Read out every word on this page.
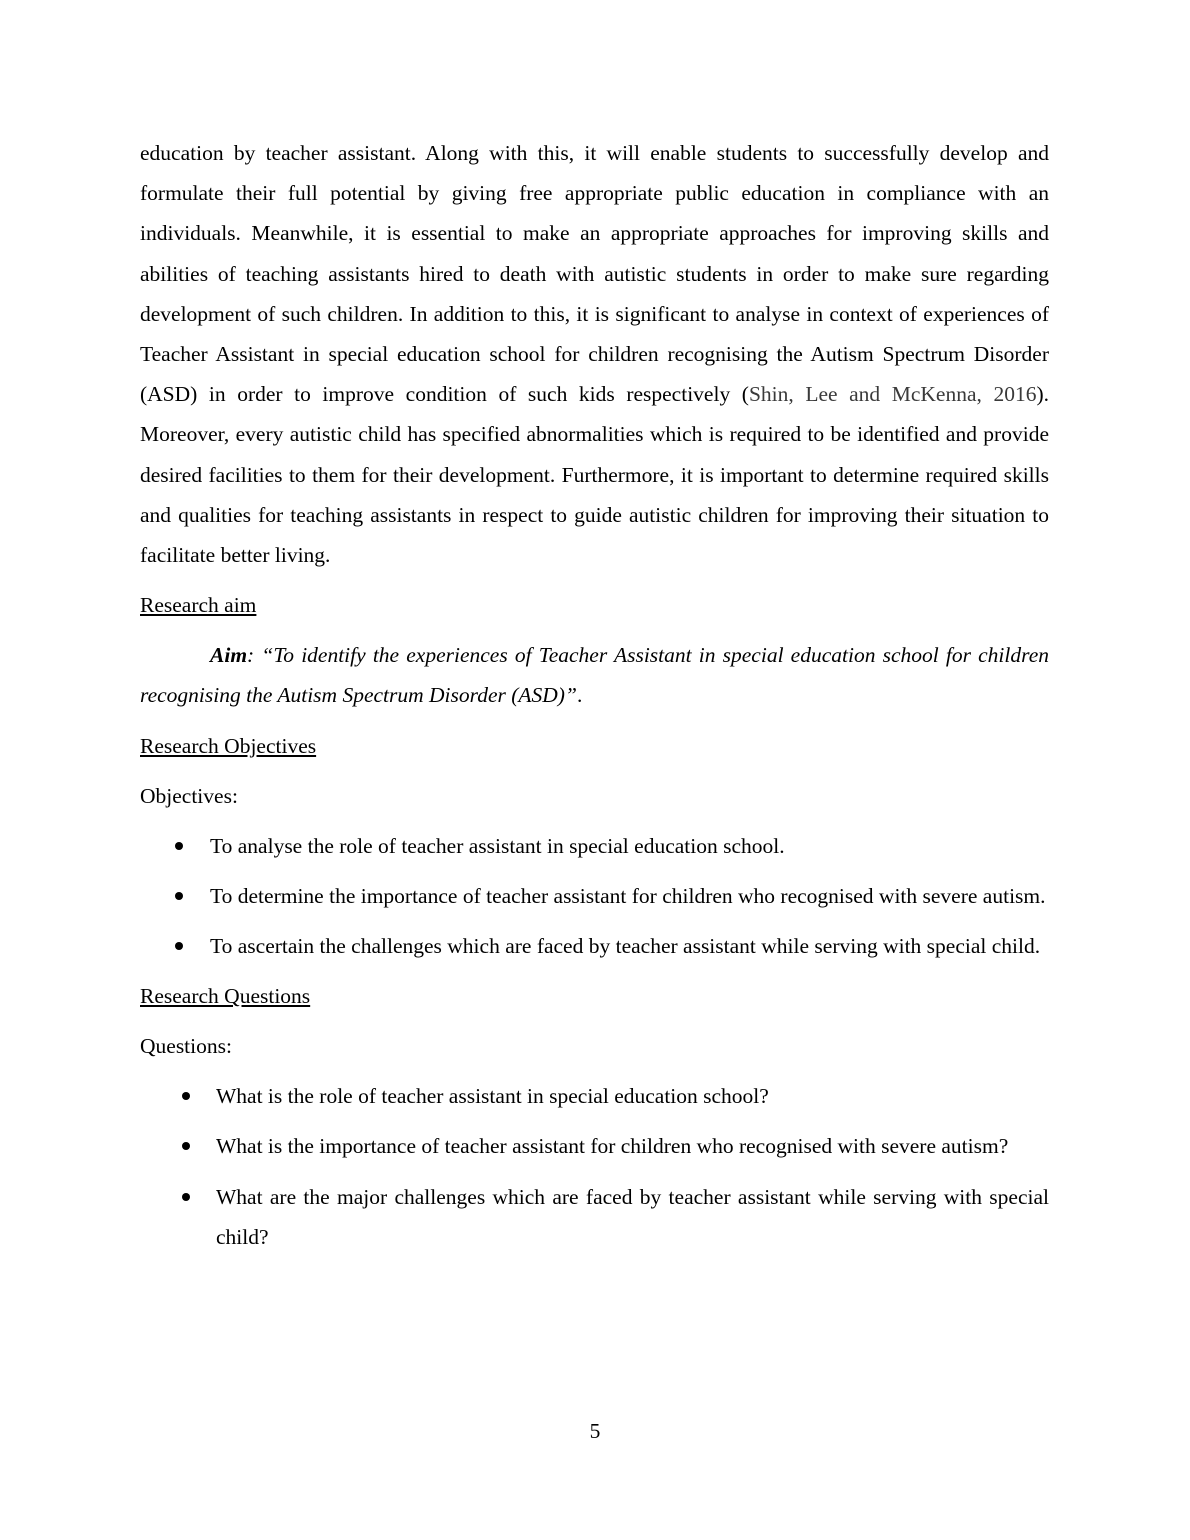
education by teacher assistant. Along with this, it will enable students to successfully develop and formulate their full potential by giving free appropriate public education in compliance with an individuals. Meanwhile, it is essential to make an appropriate approaches for improving skills and abilities of teaching assistants hired to death with autistic students in order to make sure regarding development of such children. In addition to this, it is significant to analyse in context of experiences of Teacher Assistant in special education school for children recognising the Autism Spectrum Disorder (ASD) in order to improve condition of such kids respectively (Shin, Lee and McKenna, 2016). Moreover, every autistic child has specified abnormalities which is required to be identified and provide desired facilities to them for their development. Furthermore, it is important to determine required skills and qualities for teaching assistants in respect to guide autistic children for improving their situation to facilitate better living.

Research aim

Aim: “To identify the experiences of Teacher Assistant in special education school for children recognising the Autism Spectrum Disorder (ASD)”.

Research Objectives

Objectives:

To analyse the role of teacher assistant in special education school.
To determine the importance of teacher assistant for children who recognised with severe autism.
To ascertain the challenges which are faced by teacher assistant while serving with special child.

Research Questions

Questions:

What is the role of teacher assistant in special education school?
What is the importance of teacher assistant for children who recognised with severe autism?
What are the major challenges which are faced by teacher assistant while serving with special child?
5
